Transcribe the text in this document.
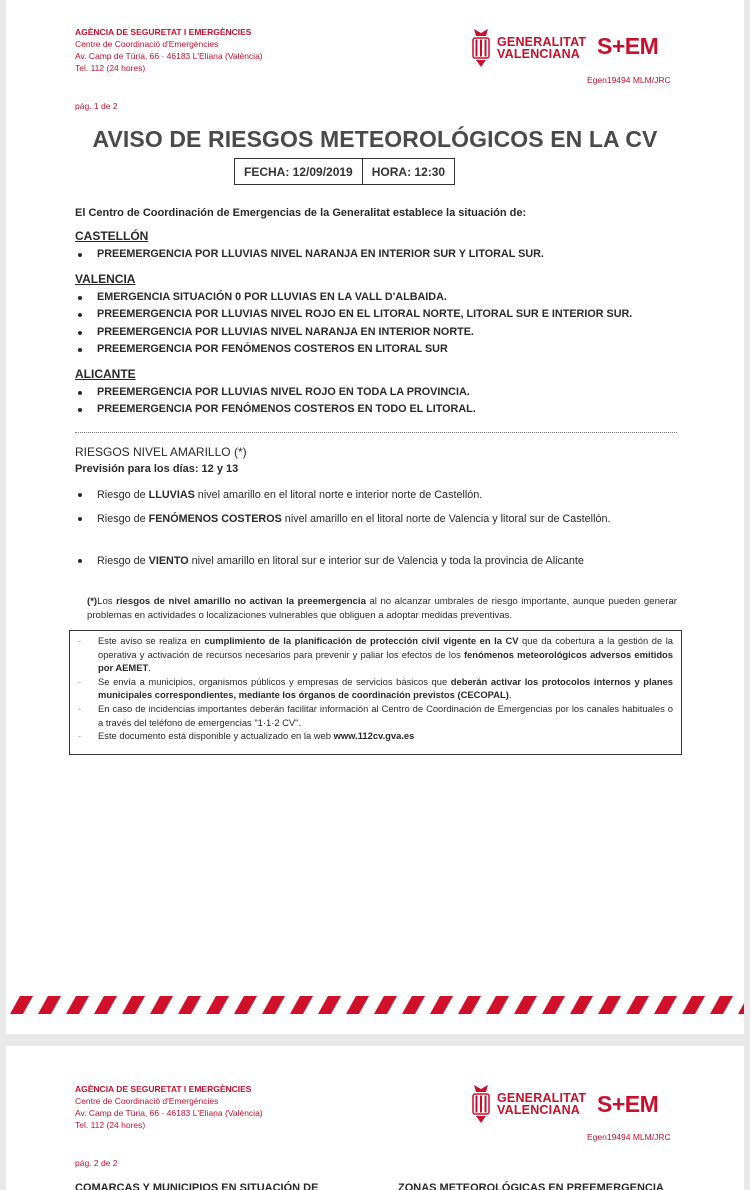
AGÈNCIA DE SEGURETAT I EMERGÈNCIES
Centre de Coordinació d'Emergències
Av. Camp de Túria, 66 · 46183 L'Eliana (València)
Tel. 112 (24 hores)
GENERALITAT
VALENCIANA S+EM
Egen19494 MLM/JRC
pág. 1 de 2
AVISO DE RIESGOS METEOROLÓGICOS EN LA CV
FECHA: 12/09/2019	HORA: 12:30
El Centro de Coordinación de Emergencias de la Generalitat establece la situación de:
CASTELLÓN
PREEMERGENCIA POR LLUVIAS NIVEL NARANJA EN INTERIOR SUR Y LITORAL SUR.
VALENCIA
EMERGENCIA SITUACIÓN 0 POR LLUVIAS EN LA VALL D'ALBAIDA.
PREEMERGENCIA POR LLUVIAS NIVEL ROJO EN EL LITORAL NORTE, LITORAL SUR E INTERIOR SUR.
PREEMERGENCIA POR LLUVIAS NIVEL NARANJA EN INTERIOR NORTE.
PREEMERGENCIA POR FENÓMENOS COSTEROS EN LITORAL SUR
ALICANTE
PREEMERGENCIA POR LLUVIAS NIVEL ROJO EN TODA LA PROVINCIA.
PREEMERGENCIA POR FENÓMENOS COSTEROS EN TODO EL LITORAL.
RIESGOS NIVEL AMARILLO (*)
Previsión para los días: 12 y 13
Riesgo de LLUVIAS nivel amarillo en el litoral norte e interior norte de Castellón.
Riesgo de FENÓMENOS COSTEROS nivel amarillo en el litoral norte de Valencia y litoral sur de Castellón.
Riesgo de VIENTO nivel amarillo en litoral sur e interior sur de Valencia y toda la provincia de Alicante
(*)Los riesgos de nivel amarillo no activan la preemergencia al no alcanzar umbrales de riesgo importante, aunque pueden generar problemas en actividades o localizaciones vulnerables que obliguen a adoptar medidas preventivas.

- Este aviso se realiza en cumplimiento de la planificación de protección civil vigente en la CV que da cobertura a la gestión de la operativa y activación de recursos necesarios para prevenir y paliar los efectos de los fenómenos meteorológicos adversos emitidos por AEMET.

- Se envía a municipios, organismos públicos y empresas de servicios básicos que deberán activar los protocolos internos y planes municipales correspondientes, mediante los órganos de coordinación previstos (CECOPAL).

- En caso de incidencias importantes deberán facilitar información al Centro de Coordinación de Emergencias por los canales habituales o a través del teléfono de emergencias "1·1·2 CV".

- Este documento está disponible y actualizado en la web www.112cv.gva.es

AGÈNCIA DE SEGURETAT I EMERGÈNCIES
Centre de Coordinació d'Emergències
Av. Camp de Túria, 66 · 46183 L'Eliana (València)
Tel. 112 (24 hores)
GENERALITAT
VALENCIANA S+EM
Egen19494 MLM/JRC
pág. 2 de 2
COMARCAS Y MUNICIPIOS EN SITUACIÓN DE	ZONAS METEOROLÓGICAS EN PREEMERGENCIA
